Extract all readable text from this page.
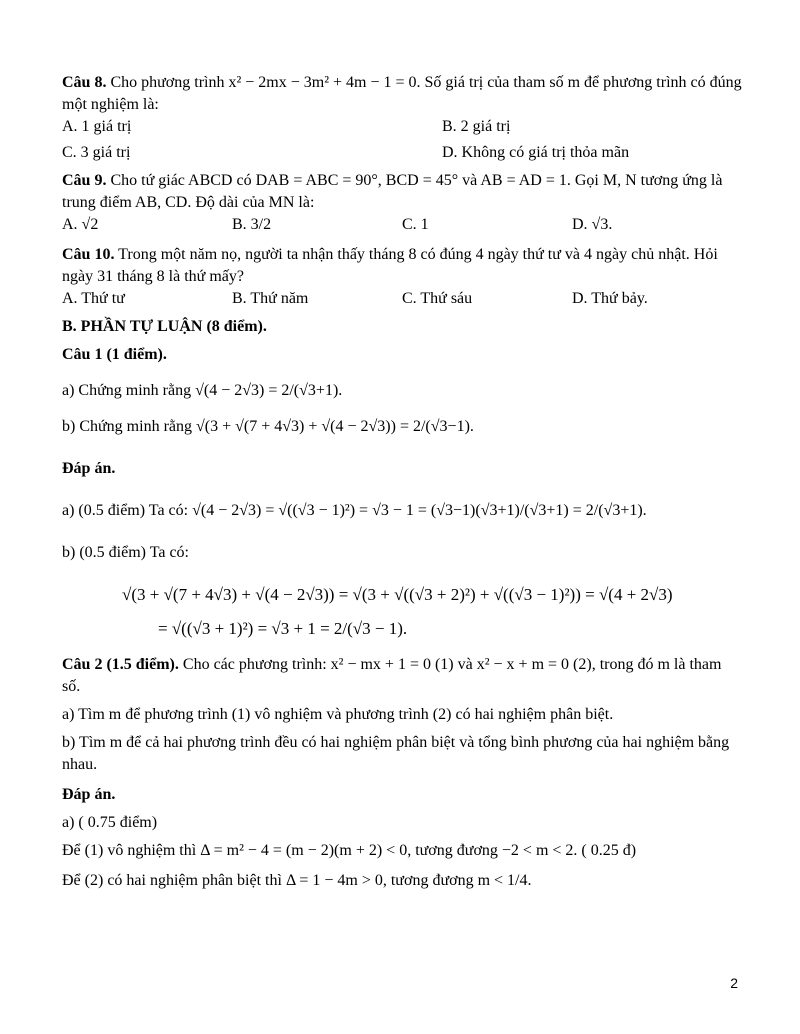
Câu 8. Cho phương trình x² − 2mx − 3m² + 4m − 1 = 0. Số giá trị của tham số m để phương trình có đúng một nghiệm là:
A. 1 giá trị	B. 2 giá trị
C. 3 giá trị	D. Không có giá trị thỏa mãn
Câu 9. Cho tứ giác ABCD có DAB = ABC = 90°, BCD = 45° và AB = AD = 1. Gọi M, N tương ứng là trung điểm AB, CD. Độ dài của MN là:
A. √2	B. 3/2	C. 1	D. √3.
Câu 10. Trong một năm nọ, người ta nhận thấy tháng 8 có đúng 4 ngày thứ tư và 4 ngày chủ nhật. Hỏi ngày 31 tháng 8 là thứ mấy?
A. Thứ tư	B. Thứ năm	C. Thứ sáu	D. Thứ bảy.
B. PHẦN TỰ LUẬN (8 điểm).
Câu 1 (1 điểm).
a) Chứng minh rằng √(4 − 2√3) = 2/(√3+1).
b) Chứng minh rằng √(3 + √(7 + 4√3) + √(4 − 2√3)) = 2/(√3−1).
Đáp án.
a) (0.5 điểm) Ta có: √(4 − 2√3) = √((√3 − 1)²) = √3 − 1 = (√3−1)(√3+1)/(√3+1) = 2/(√3+1).
b) (0.5 điểm) Ta có:
√(3 + √(7 + 4√3) + √(4 − 2√3)) = √(3 + √((√3 + 2)²) + √((√3 − 1)²)) = √(4 + 2√3)
= √((√3 + 1)²) = √3 + 1 = 2/(√3 − 1).
Câu 2 (1.5 điểm). Cho các phương trình: x² − mx + 1 = 0 (1) và x² − x + m = 0 (2), trong đó m là tham số.
a) Tìm m để phương trình (1) vô nghiệm và phương trình (2) có hai nghiệm phân biệt.
b) Tìm m để cả hai phương trình đều có hai nghiệm phân biệt và tổng bình phương của hai nghiệm bằng nhau.
Đáp án.
a) ( 0.75 điểm)
Để (1) vô nghiệm thì Δ = m² − 4 = (m − 2)(m + 2) < 0, tương đương −2 < m < 2. ( 0.25 đ)
Để (2) có hai nghiệm phân biệt thì Δ = 1 − 4m > 0, tương đương m < 1/4.
2
